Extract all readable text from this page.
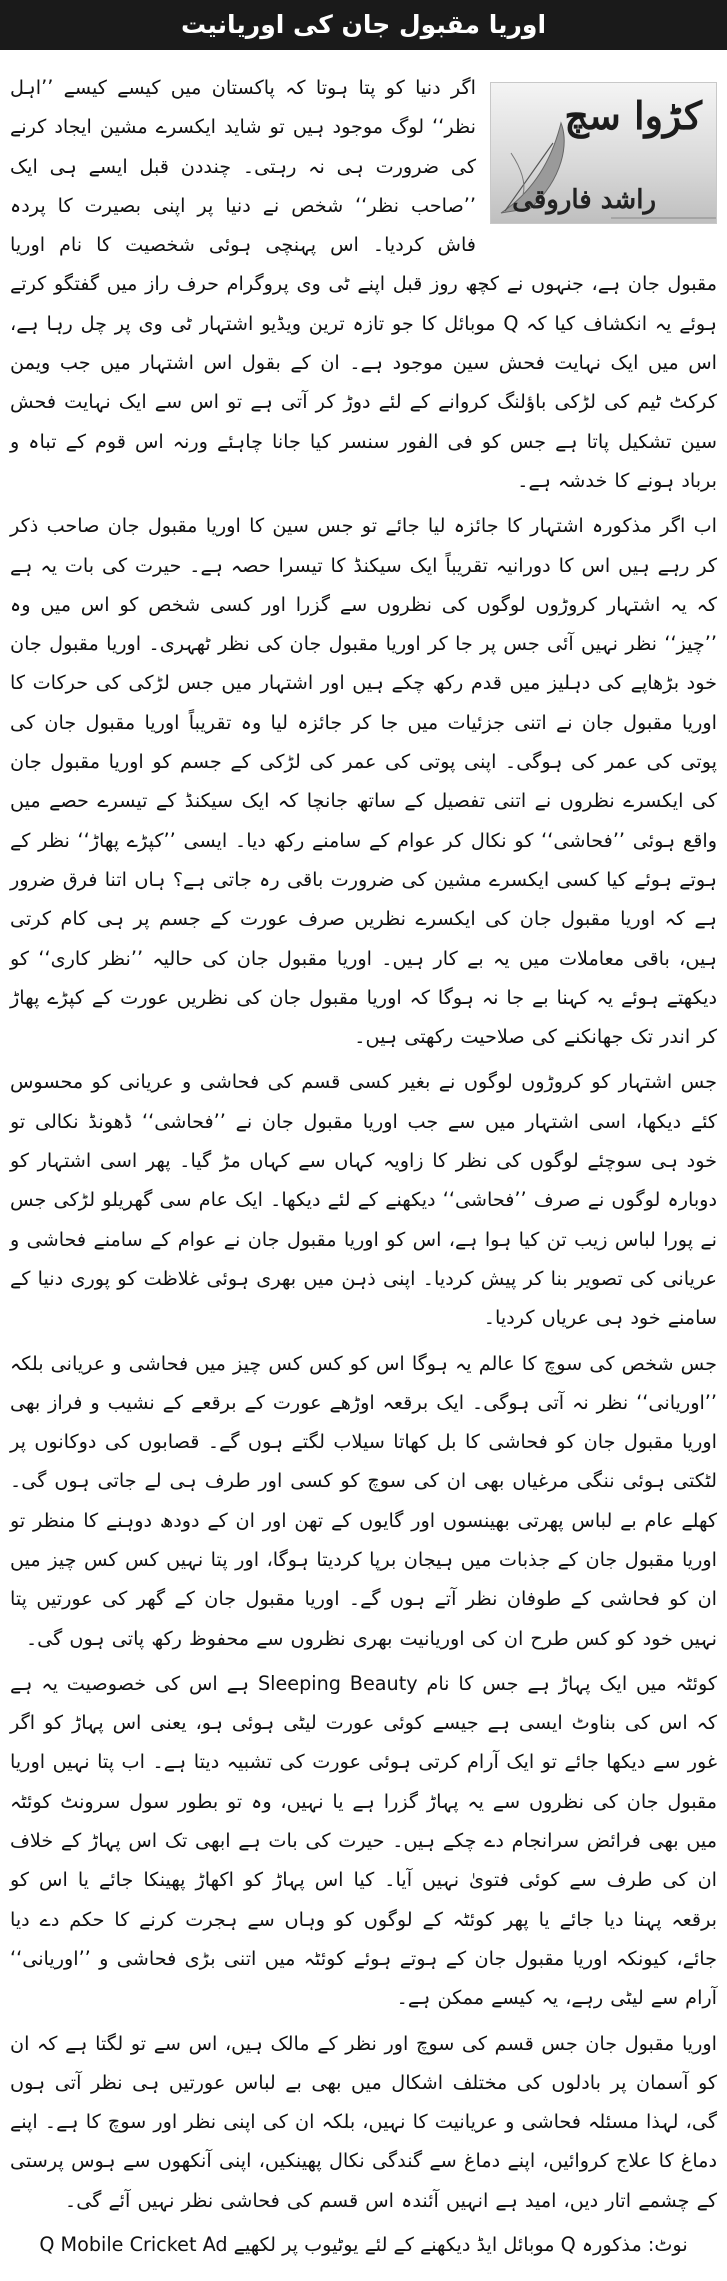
اوریا مقبول جان کی اوریانیت
کڑوا سچ
راشد فاروقی

اگر دنیا کو پتا ہوتا کہ پاکستان میں کیسے کیسے ’’اہل نظر‘‘ لوگ موجود ہیں تو شاید ایکسرے مشین ایجاد کرنے کی ضرورت ہی نہ رہتی۔ چنددن قبل ایسے ہی ایک ’’صاحب نظر‘‘ شخص نے دنیا پر اپنی بصیرت کا پردہ فاش کردیا۔ اس پہنچی ہوئی شخصیت کا نام اوریا مقبول جان ہے، جنہوں نے کچھ روز قبل اپنے ٹی وی پروگرام حرف راز میں گفتگو کرتے ہوئے یہ انکشاف کیا کہ Q موبائل کا جو تازہ ترین ویڈیو اشتہار ٹی وی پر چل رہا ہے، اس میں ایک نہایت فحش سین موجود ہے۔ ان کے بقول اس اشتہار میں جب ویمن کرکٹ ٹیم کی لڑکی باؤلنگ کروانے کے لئے دوڑ کر آتی ہے تو اس سے ایک نہایت فحش سین تشکیل پاتا ہے جس کو فی الفور سنسر کیا جانا چاہئے ورنہ اس قوم کے تباہ و برباد ہونے کا خدشہ ہے۔

اب اگر مذکورہ اشتہار کا جائزہ لیا جائے تو جس سین کا اوریا مقبول جان صاحب ذکر کر رہے ہیں اس کا دورانیہ تقریباً ایک سیکنڈ کا تیسرا حصہ ہے۔ حیرت کی بات یہ ہے کہ یہ اشتہار کروڑوں لوگوں کی نظروں سے گزرا اور کسی شخص کو اس میں وہ ’’چیز‘‘ نظر نہیں آئی جس پر جا کر اوریا مقبول جان کی نظر ٹھہری۔ اوریا مقبول جان خود بڑھاپے کی دہلیز میں قدم رکھ چکے ہیں اور اشتہار میں جس لڑکی کی حرکات کا اوریا مقبول جان نے اتنی جزئیات میں جا کر جائزہ لیا وہ تقریباً اوریا مقبول جان کی پوتی کی عمر کی ہوگی۔ اپنی پوتی کی عمر کی لڑکی کے جسم کو اوریا مقبول جان کی ایکسرے نظروں نے اتنی تفصیل کے ساتھ جانچا کہ ایک سیکنڈ کے تیسرے حصے میں واقع ہوئی ’’فحاشی‘‘ کو نکال کر عوام کے سامنے رکھ دیا۔ ایسی ’’کپڑے پھاڑ‘‘ نظر کے ہوتے ہوئے کیا کسی ایکسرے مشین کی ضرورت باقی رہ جاتی ہے؟ ہاں اتنا فرق ضرور ہے کہ اوریا مقبول جان کی ایکسرے نظریں صرف عورت کے جسم پر ہی کام کرتی ہیں، باقی معاملات میں یہ بے کار ہیں۔ اوریا مقبول جان کی حالیہ ’’نظر کاری‘‘ کو دیکھتے ہوئے یہ کہنا بے جا نہ ہوگا کہ اوریا مقبول جان کی نظریں عورت کے کپڑے پھاڑ کر اندر تک جھانکنے کی صلاحیت رکھتی ہیں۔

جس اشتہار کو کروڑوں لوگوں نے بغیر کسی قسم کی فحاشی و عریانی کو محسوس کئے دیکھا، اسی اشتہار میں سے جب اوریا مقبول جان نے ’’فحاشی‘‘ ڈھونڈ نکالی تو خود ہی سوچئے لوگوں کی نظر کا زاویہ کہاں سے کہاں مڑ گیا۔ پھر اسی اشتہار کو دوبارہ لوگوں نے صرف ’’فحاشی‘‘ دیکھنے کے لئے دیکھا۔ ایک عام سی گھریلو لڑکی جس نے پورا لباس زیب تن کیا ہوا ہے، اس کو اوریا مقبول جان نے عوام کے سامنے فحاشی و عریانی کی تصویر بنا کر پیش کردیا۔ اپنی ذہن میں بھری ہوئی غلاظت کو پوری دنیا کے سامنے خود ہی عریاں کردیا۔

جس شخص کی سوچ کا عالم یہ ہوگا اس کو کس کس چیز میں فحاشی و عریانی بلکہ ’’اوریانی‘‘ نظر نہ آتی ہوگی۔ ایک برقعہ اوڑھے عورت کے برقعے کے نشیب و فراز بھی اوریا مقبول جان کو فحاشی کا بل کھاتا سیلاب لگتے ہوں گے۔ قصابوں کی دوکانوں پر لٹکتی ہوئی ننگی مرغیاں بھی ان کی سوچ کو کسی اور طرف ہی لے جاتی ہوں گی۔ کھلے عام بے لباس پھرتی بھینسوں اور گایوں کے تھن اور ان کے دودھ دوہنے کا منظر تو اوریا مقبول جان کے جذبات میں ہیجان برپا کردیتا ہوگا، اور پتا نہیں کس کس چیز میں ان کو فحاشی کے طوفان نظر آتے ہوں گے۔ اوریا مقبول جان کے گھر کی عورتیں پتا نہیں خود کو کس طرح ان کی اوریانیت بھری نظروں سے محفوظ رکھ پاتی ہوں گی۔

کوئٹہ میں ایک پہاڑ ہے جس کا نام Sleeping Beauty ہے اس کی خصوصیت یہ ہے کہ اس کی بناوٹ ایسی ہے جیسے کوئی عورت لیٹی ہوئی ہو، یعنی اس پہاڑ کو اگر غور سے دیکھا جائے تو ایک آرام کرتی ہوئی عورت کی تشبیہ دیتا ہے۔ اب پتا نہیں اوریا مقبول جان کی نظروں سے یہ پہاڑ گزرا ہے یا نہیں، وہ تو بطور سول سرونٹ کوئٹہ میں بھی فرائض سرانجام دے چکے ہیں۔ حیرت کی بات ہے ابھی تک اس پہاڑ کے خلاف ان کی طرف سے کوئی فتویٰ نہیں آیا۔ کیا اس پہاڑ کو اکھاڑ پھینکا جائے یا اس کو برقعہ پہنا دیا جائے یا پھر کوئٹہ کے لوگوں کو وہاں سے ہجرت کرنے کا حکم دے دیا جائے، کیونکہ اوریا مقبول جان کے ہوتے ہوئے کوئٹہ میں اتنی بڑی فحاشی و ’’اوریانی‘‘ آرام سے لیٹی رہے، یہ کیسے ممکن ہے۔

اوریا مقبول جان جس قسم کی سوچ اور نظر کے مالک ہیں، اس سے تو لگتا ہے کہ ان کو آسمان پر بادلوں کی مختلف اشکال میں بھی بے لباس عورتیں ہی نظر آتی ہوں گی، لہذا مسئلہ فحاشی و عریانیت کا نہیں، بلکہ ان کی اپنی نظر اور سوچ کا ہے۔ اپنے دماغ کا علاج کروائیں، اپنے دماغ سے گندگی نکال پھینکیں، اپنی آنکھوں سے ہوس پرستی کے چشمے اتار دیں، امید ہے انہیں آئندہ اس قسم کی فحاشی نظر نہیں آئے گی۔

نوٹ: مذکورہ Q موبائل ایڈ دیکھنے کے لئے یوٹیوب پر لکھیے Q Mobile Cricket Ad
